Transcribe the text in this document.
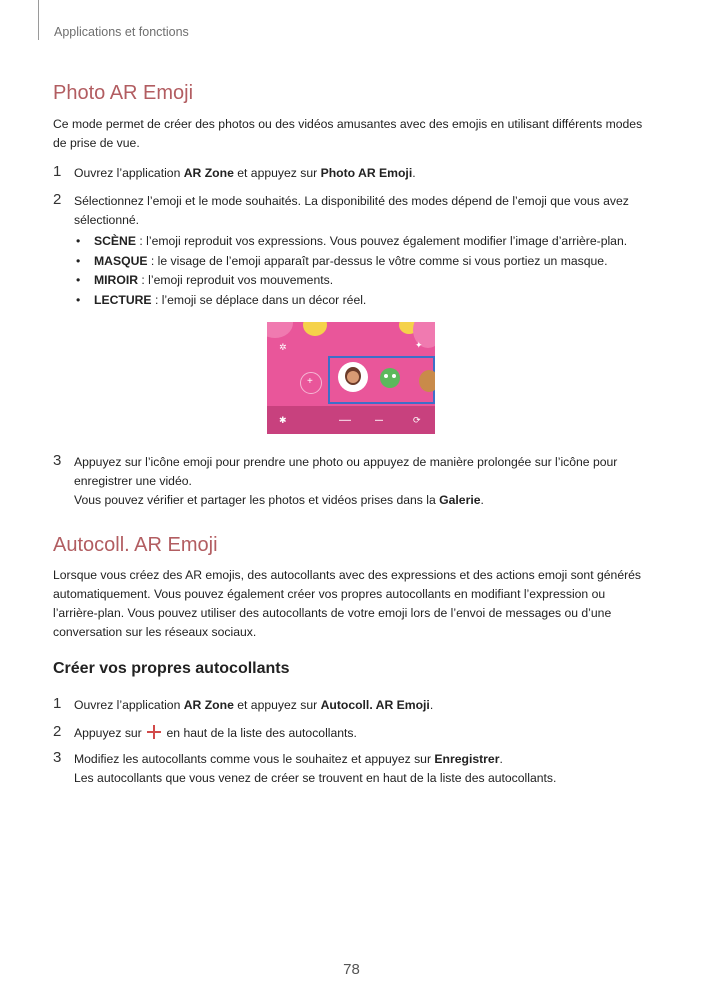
Applications et fonctions
Photo AR Emoji
Ce mode permet de créer des photos ou des vidéos amusantes avec des emojis en utilisant différents modes de prise de vue.
1 Ouvrez l’application AR Zone et appuyez sur Photo AR Emoji.
2 Sélectionnez l’emoji et le mode souhaités. La disponibilité des modes dépend de l’emoji que vous avez sélectionné.
• SCÈNE : l’emoji reproduit vos expressions. Vous pouvez également modifier l’image d’arrière-plan.
• MASQUE : le visage de l’emoji apparaît par-dessus le vôtre comme si vous portiez un masque.
• MIROIR : l’emoji reproduit vos mouvements.
• LECTURE : l’emoji se déplace dans un décor réel.
✲	✦
+
✱	▬▬▬	▬▬	⟳
3 Appuyez sur l’icône emoji pour prendre une photo ou appuyez de manière prolongée sur l’icône pour enregistrer une vidéo.
Vous pouvez vérifier et partager les photos et vidéos prises dans la Galerie.
Autocoll. AR Emoji
Lorsque vous créez des AR emojis, des autocollants avec des expressions et des actions emoji sont générés automatiquement. Vous pouvez également créer vos propres autocollants en modifiant l’expression ou l’arrière-plan. Vous pouvez utiliser des autocollants de votre emoji lors de l’envoi de messages ou d’une conversation sur les réseaux sociaux.
Créer vos propres autocollants
1 Ouvrez l’application AR Zone et appuyez sur Autocoll. AR Emoji.
2 Appuyez sur  en haut de la liste des autocollants.
3 Modifiez les autocollants comme vous le souhaitez et appuyez sur Enregistrer.
Les autocollants que vous venez de créer se trouvent en haut de la liste des autocollants.
78
